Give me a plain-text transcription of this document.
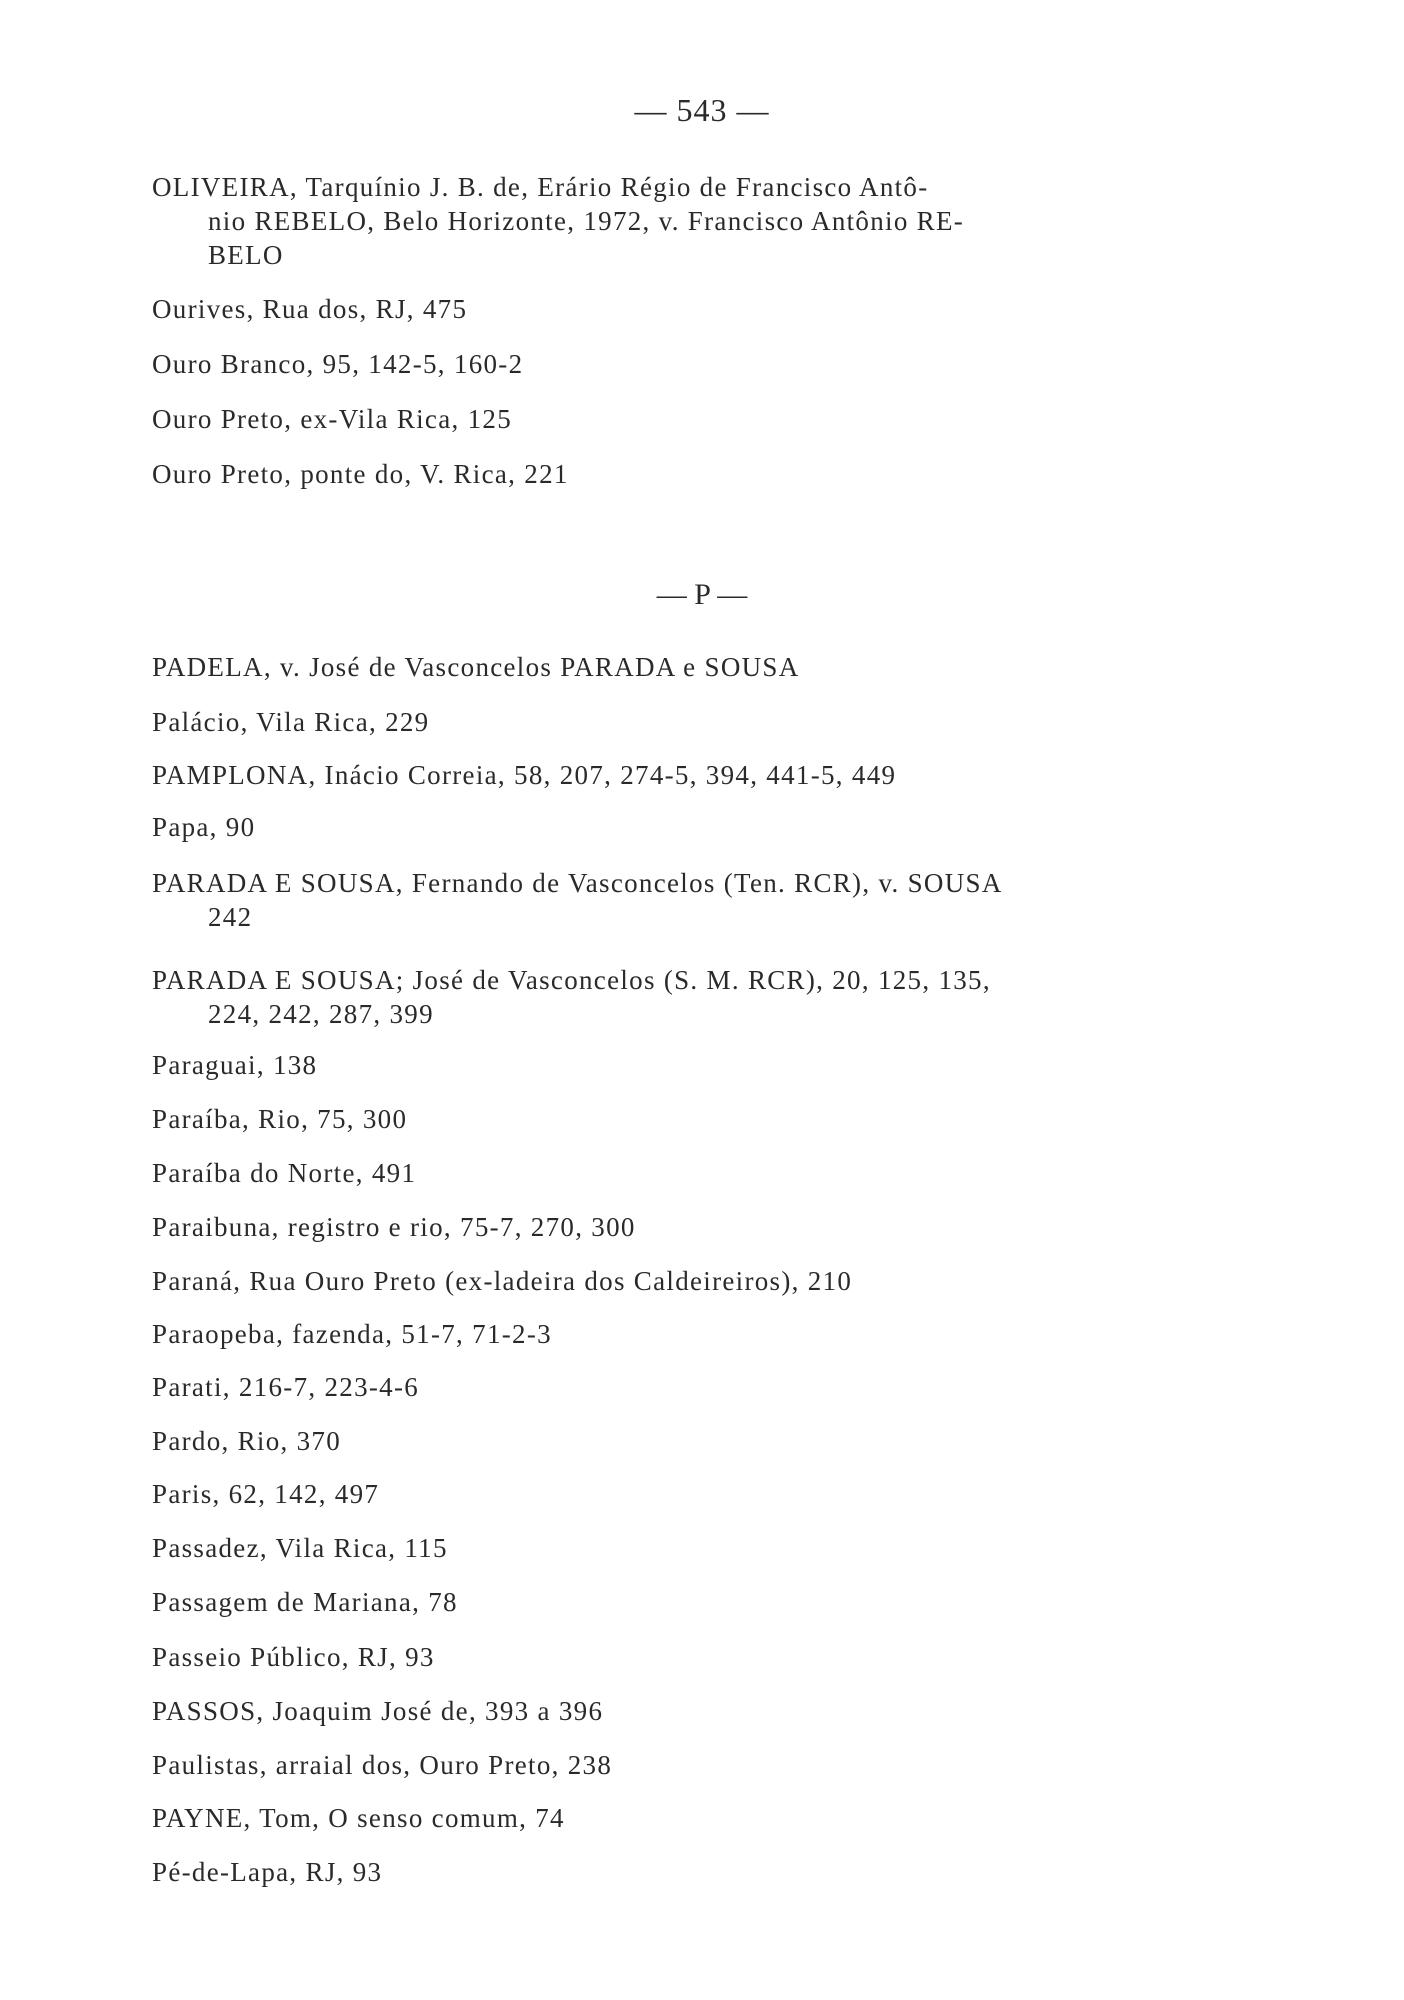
— 543 —
OLIVEIRA, Tarquínio J. B. de, Erário Régio de Francisco Antô-
nio REBELO, Belo Horizonte, 1972, v. Francisco Antônio RE-
BELO
Ourives, Rua dos, RJ, 475
Ouro Branco, 95, 142-5, 160-2
Ouro Preto, ex-Vila Rica, 125
Ouro Preto, ponte do, V. Rica, 221
— P —
PADELA, v. José de Vasconcelos PARADA e SOUSA
Palácio, Vila Rica, 229
PAMPLONA, Inácio Correia, 58, 207, 274-5, 394, 441-5, 449
Papa, 90
PARADA E SOUSA, Fernando de Vasconcelos (Ten. RCR), v. SOUSA
242
PARADA E SOUSA; José de Vasconcelos (S. M. RCR), 20, 125, 135,
224, 242, 287, 399
Paraguai, 138
Paraíba, Rio, 75, 300
Paraíba do Norte, 491
Paraibuna, registro e rio, 75-7, 270, 300
Paraná, Rua Ouro Preto (ex-ladeira dos Caldeireiros), 210
Paraopeba, fazenda, 51-7, 71-2-3
Parati, 216-7, 223-4-6
Pardo, Rio, 370
Paris, 62, 142, 497
Passadez, Vila Rica, 115
Passagem de Mariana, 78
Passeio Público, RJ, 93
PASSOS, Joaquim José de, 393 a 396
Paulistas, arraial dos, Ouro Preto, 238
PAYNE, Tom, O senso comum, 74
Pé-de-Lapa, RJ, 93
